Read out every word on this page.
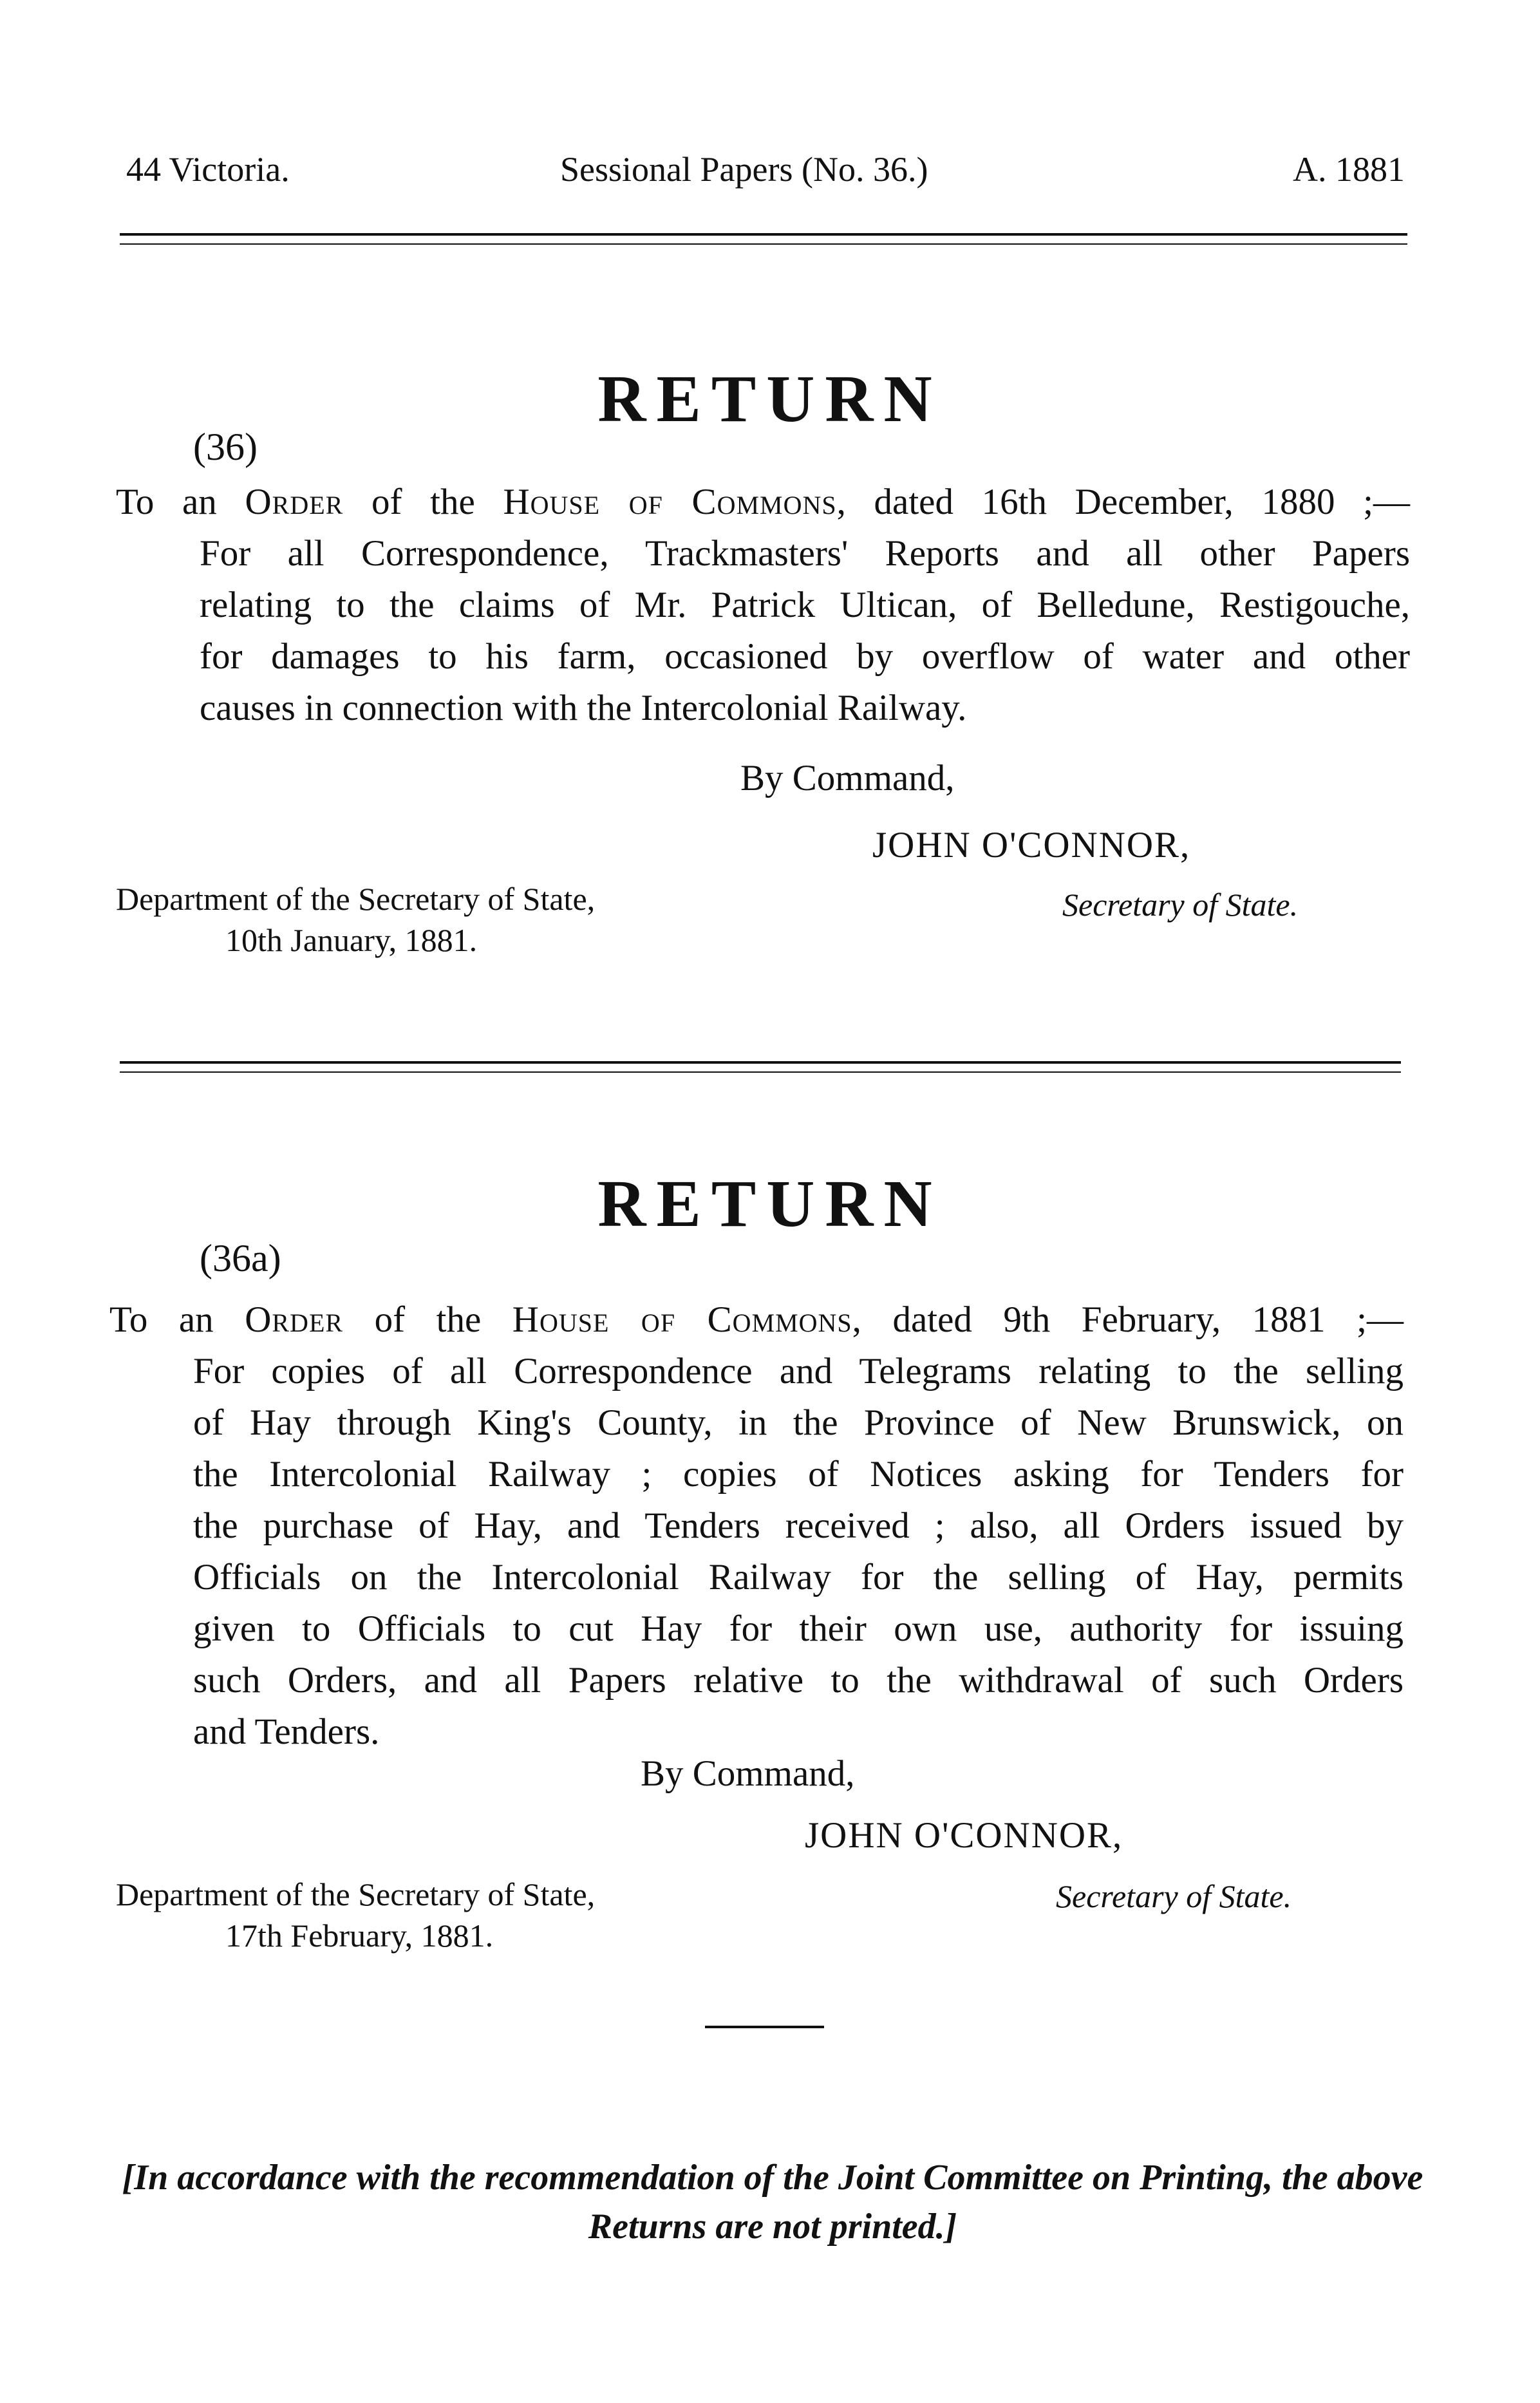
44 Victoria.	Sessional Papers (No. 36.)	A. 1881
RETURN
(36)
To an Order of the House of Commons, dated 16th December, 1880 ;—
For all Correspondence, Trackmasters' Reports and all other Papers
relating to the claims of Mr. Patrick Ultican, of Belledune, Restigouche,
for damages to his farm, occasioned by overflow of water and other
causes in connection with the Intercolonial Railway.
By Command,
JOHN O'CONNOR,
Secretary of State.
Department of the Secretary of State,
10th January, 1881.
RETURN
(36a)
To an Order of the House of Commons, dated 9th February, 1881 ;—
For copies of all Correspondence and Telegrams relating to the selling
of Hay through King's County, in the Province of New Brunswick, on
the Intercolonial Railway ; copies of Notices asking for Tenders for
the purchase of Hay, and Tenders received ; also, all Orders issued by
Officials on the Intercolonial Railway for the selling of Hay, permits
given to Officials to cut Hay for their own use, authority for issuing
such Orders, and all Papers relative to the withdrawal of such Orders
and Tenders.
By Command,
JOHN O'CONNOR,
Secretary of State.
Department of the Secretary of State,
17th February, 1881.
[In accordance with the recommendation of the Joint Committee on Printing, the above Returns are not printed.]
